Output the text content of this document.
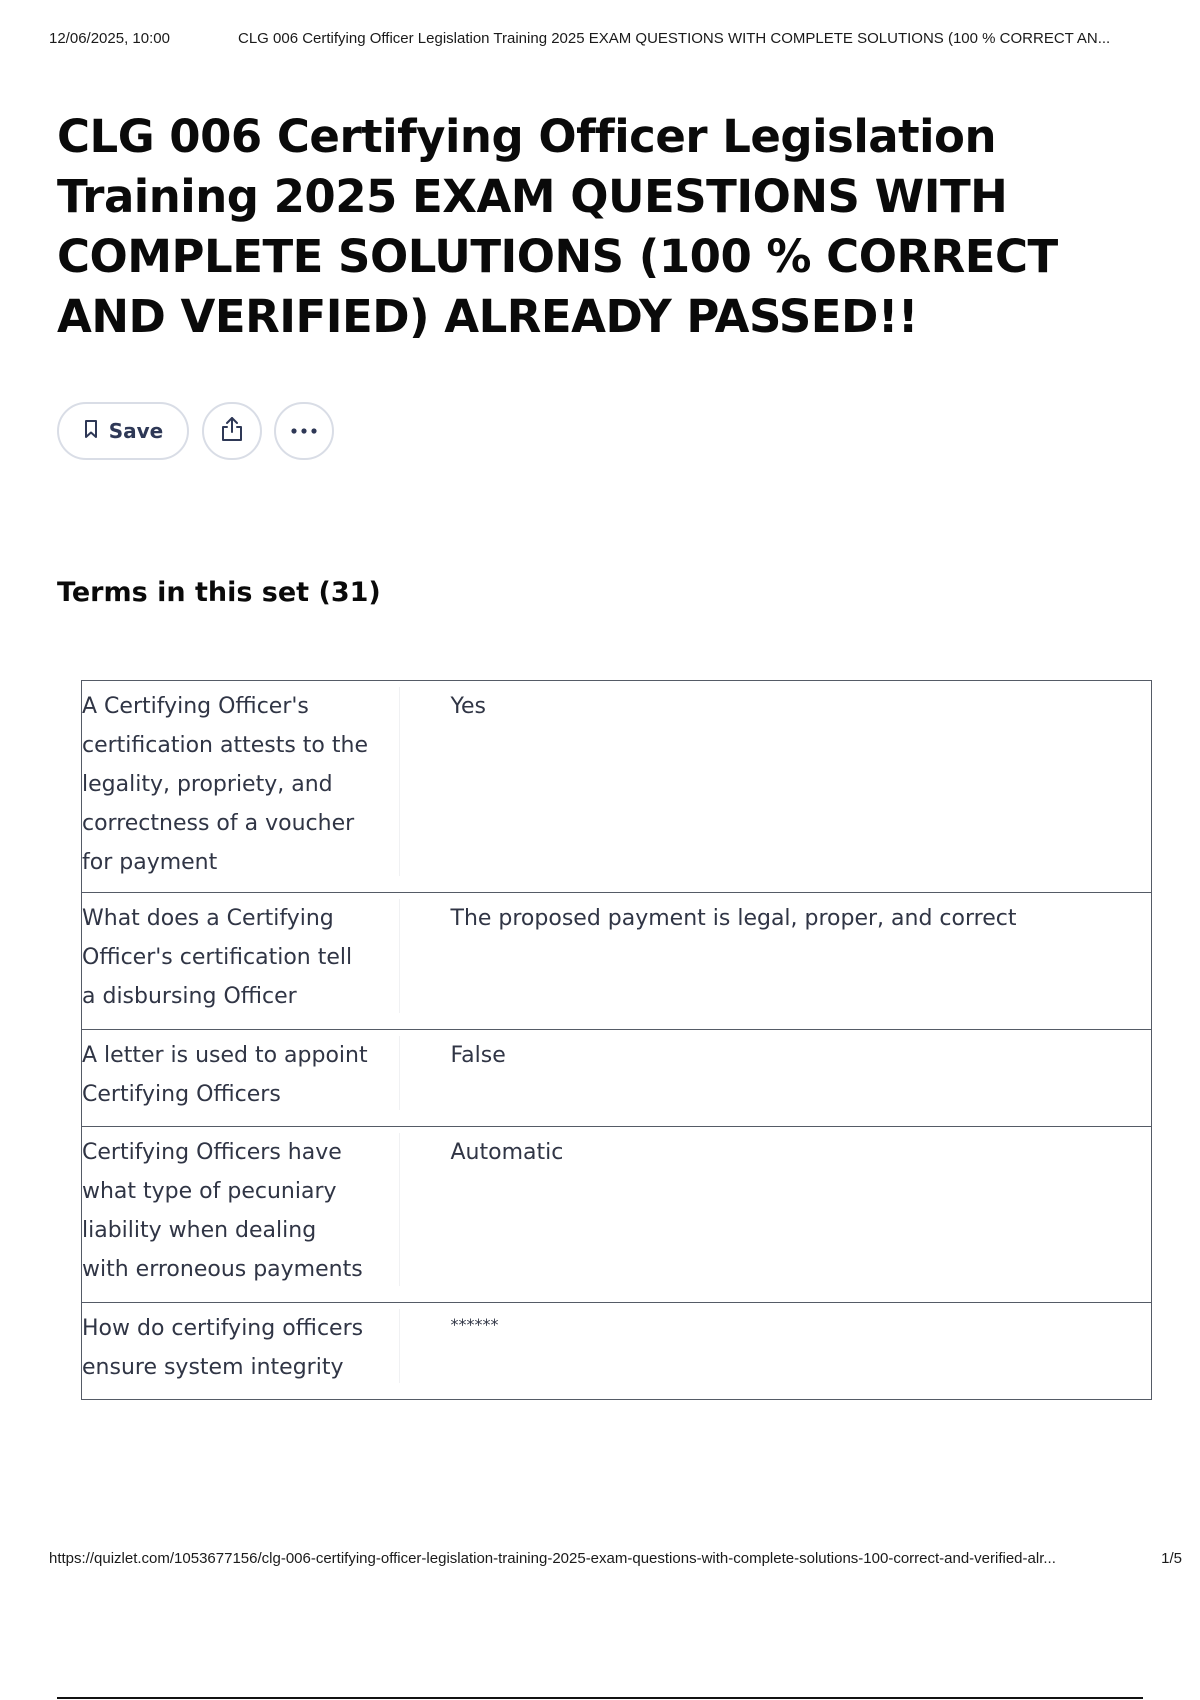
12/06/2025, 10:00	CLG 006 Certifying Officer Legislation Training 2025 EXAM QUESTIONS WITH COMPLETE SOLUTIONS (100 % CORRECT AN...
CLG 006 Certifying Officer Legislation Training 2025 EXAM QUESTIONS WITH COMPLETE SOLUTIONS (100 % CORRECT AND VERIFIED) ALREADY PASSED!!
Save
Terms in this set (31)
A Certifying Officer's certification attests to the legality, propriety, and correctness of a voucher for payment	Yes
What does a Certifying Officer's certification tell a disbursing Officer	The proposed payment is legal, proper, and correct
A letter is used to appoint Certifying Officers	False
Certifying Officers have what type of pecuniary liability when dealing with erroneous payments	Automatic
How do certifying officers ensure system integrity	******
https://quizlet.com/1053677156/clg-006-certifying-officer-legislation-training-2025-exam-questions-with-complete-solutions-100-correct-and-verified-alr...	1/5
